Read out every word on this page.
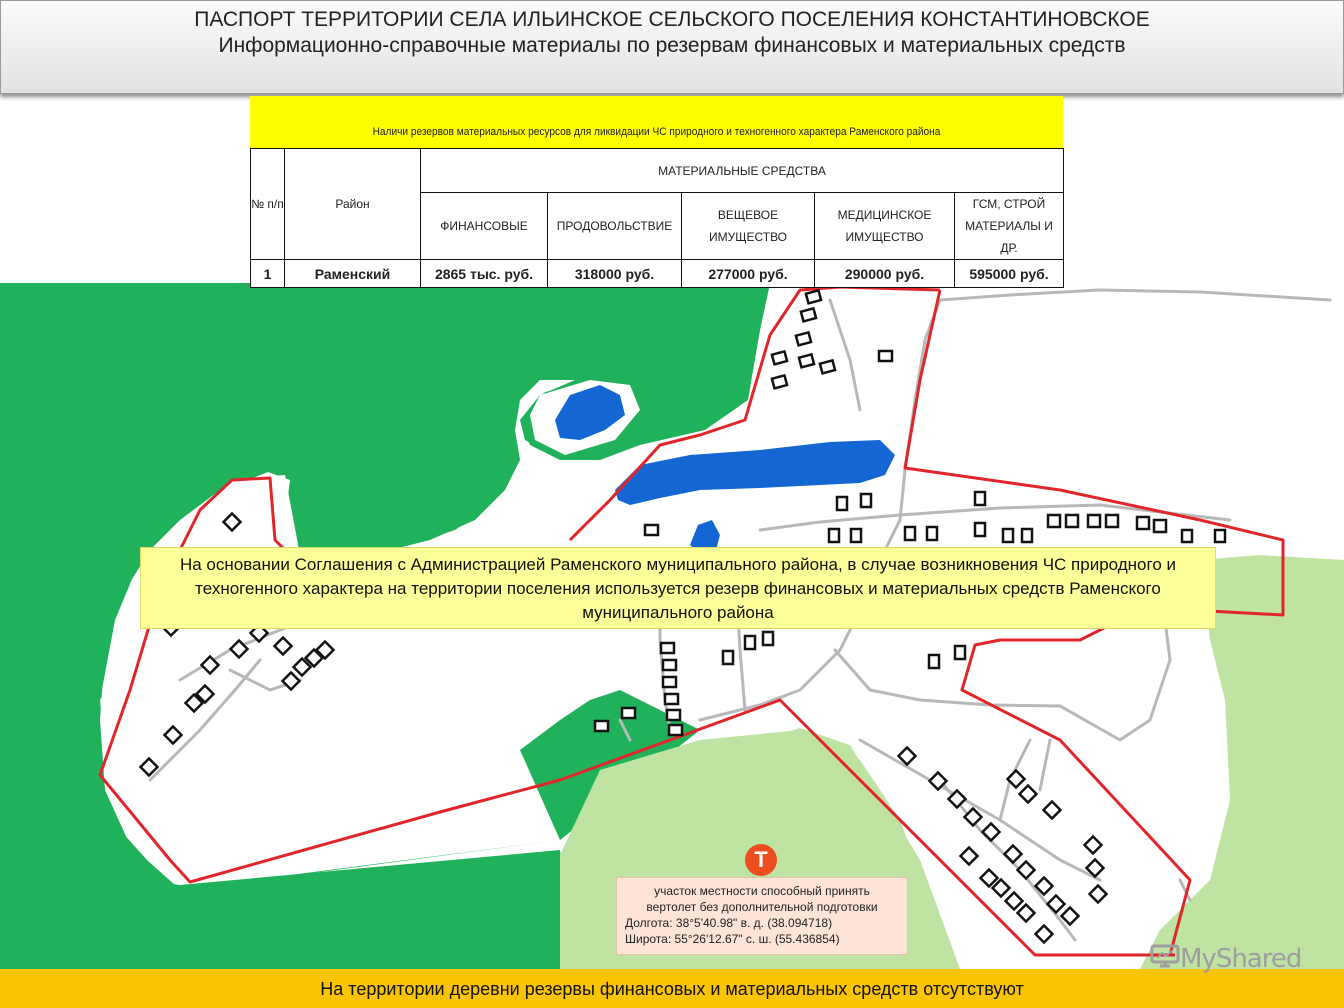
ПАСПОРТ ТЕРРИТОРИИ СЕЛА ИЛЬИНСКОЕ СЕЛЬСКОГО ПОСЕЛЕНИЯ КОНСТАНТИНОВСКОЕ
Информационно-справочные материалы по резервам финансовых и материальных средств
Наличи резервов материальных ресурсов для ликвидации ЧС природного и техногенного характера Раменского района
№ п/п	Район	МАТЕРИАЛЬНЫЕ СРЕДСТВА				
		ФИНАНСОВЫЕ	ПРОДОВОЛЬСТВИЕ	ВЕЩЕВОЕ ИМУЩЕСТВО	МЕДИЦИНСКОЕ ИМУЩЕСТВО	ГСМ, СТРОЙ МАТЕРИАЛЫ И ДР.
1	Раменский	2865 тыс. руб.	318000 руб.	277000 руб.	290000 руб.	595000 руб.
На основании Соглашения с Администрацией Раменского муниципального района, в случае возникновения ЧС природного и техногенного характера на территории поселения используется резерв финансовых и материальных средств Раменского муниципального района
Т
участок местности способный принять
вертолет без дополнительной подготовки
Долгота: 38°5'40.98" в. д. (38.094718)
Широта: 55°26'12.67" с. ш. (55.436854)
MyShared
На территории деревни резервы финансовых и материальных средств отсутствуют
